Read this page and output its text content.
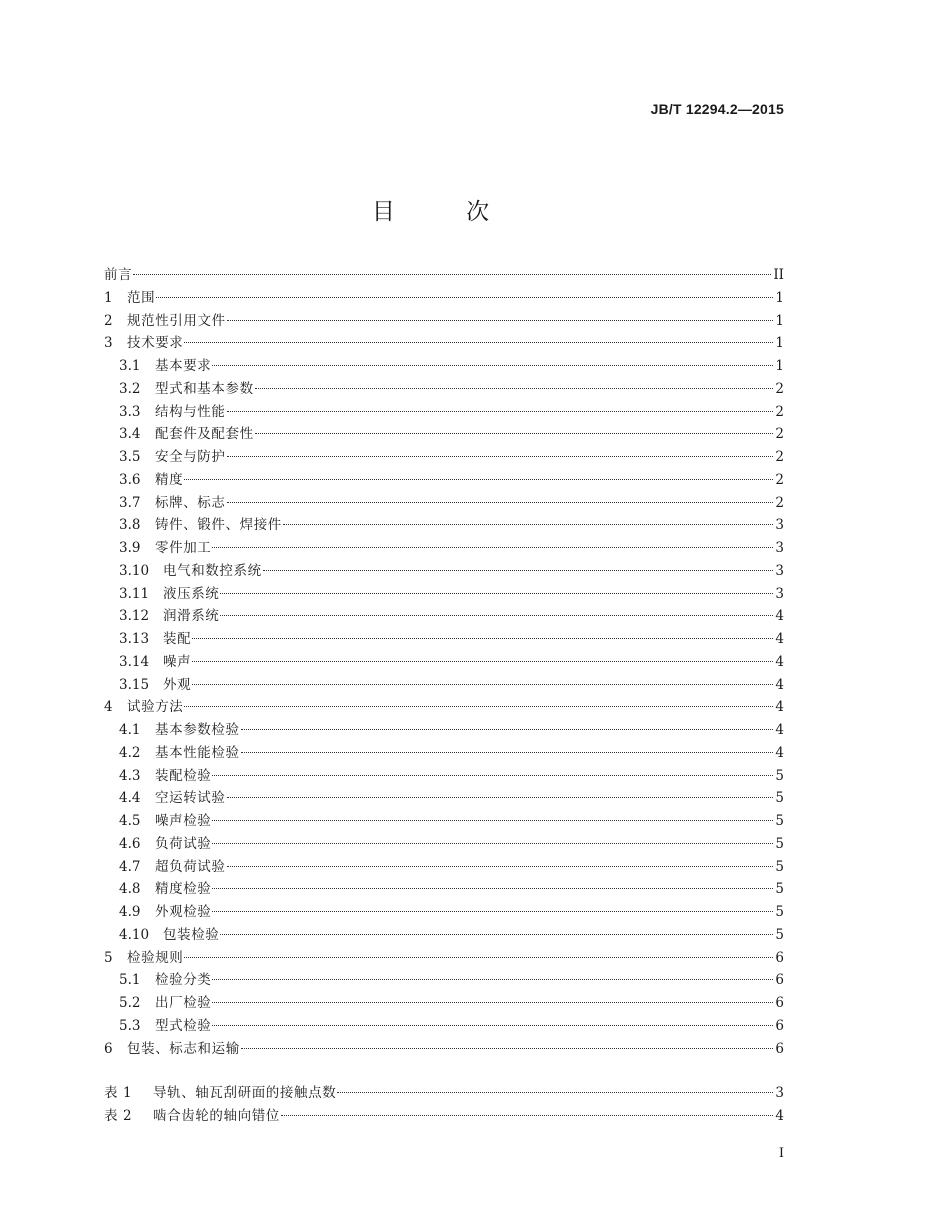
JB/T 12294.2—2015
目 次
前言	II
1	范围	1
2	规范性引用文件	1
3	技术要求	1
3.1	基本要求	1
3.2	型式和基本参数	2
3.3	结构与性能	2
3.4	配套件及配套性	2
3.5	安全与防护	2
3.6	精度	2
3.7	标牌、标志	2
3.8	铸件、锻件、焊接件	3
3.9	零件加工	3
3.10	电气和数控系统	3
3.11	液压系统	3
3.12	润滑系统	4
3.13	装配	4
3.14	噪声	4
3.15	外观	4
4	试验方法	4
4.1	基本参数检验	4
4.2	基本性能检验	4
4.3	装配检验	5
4.4	空运转试验	5
4.5	噪声检验	5
4.6	负荷试验	5
4.7	超负荷试验	5
4.8	精度检验	5
4.9	外观检验	5
4.10	包装检验	5
5	检验规则	6
5.1	检验分类	6
5.2	出厂检验	6
5.3	型式检验	6
6	包装、标志和运输	6
表 1	导轨、轴瓦刮研面的接触点数	3
表 2	啮合齿轮的轴向错位	4
I
